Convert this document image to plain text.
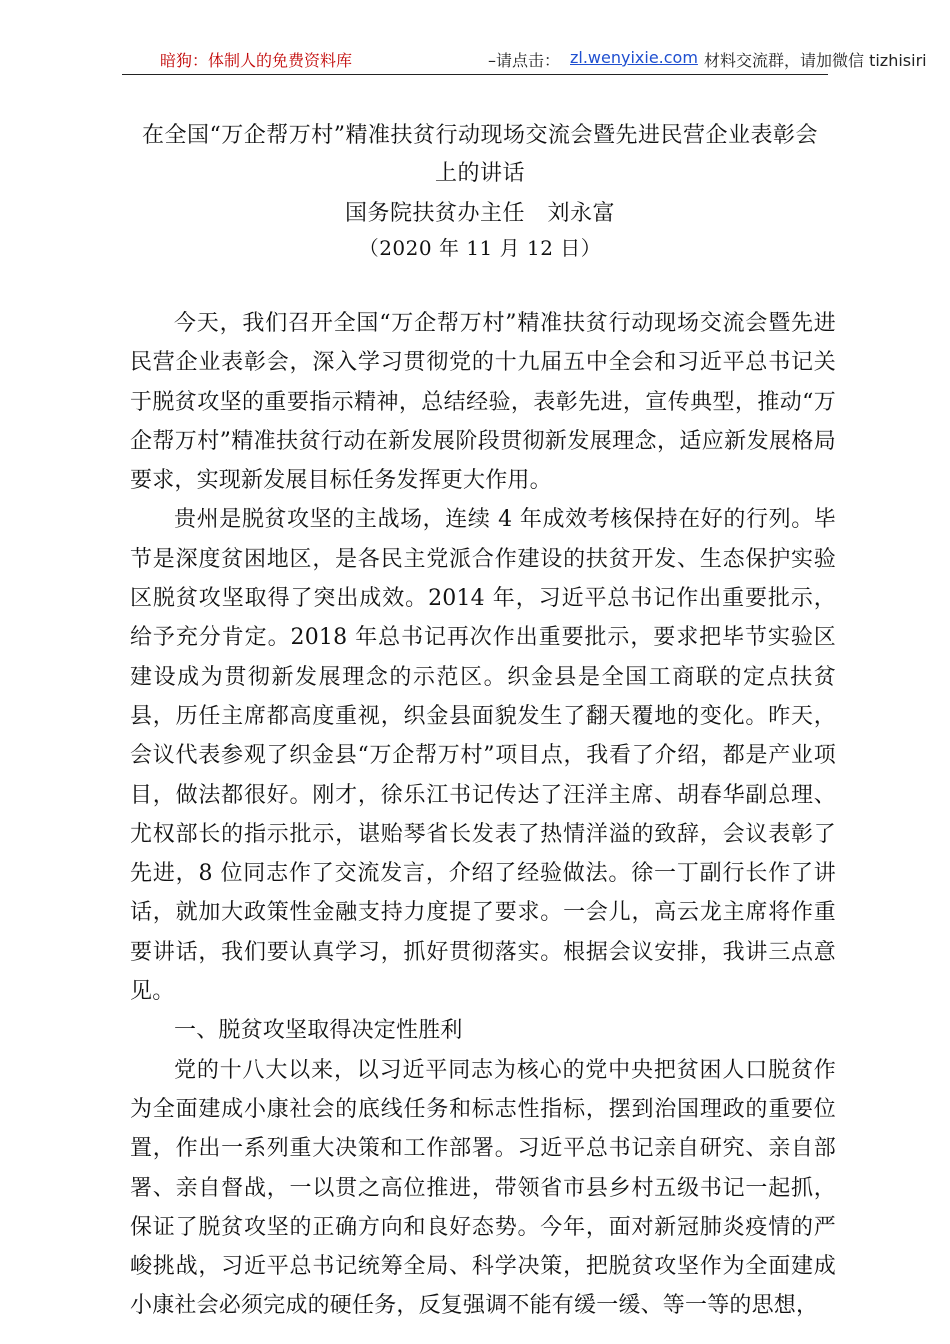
暗狗：体制人的免费资料库	–请点击： zl.wenyixie.com 材料交流群，请加微信 tizhisiri
在全国“万企帮万村”精准扶贫行动现场交流会暨先进民营企业表彰会
上的讲话
国务院扶贫办主任　刘永富
（2020 年 11 月 12 日）

今天，我们召开全国“万企帮万村”精准扶贫行动现场交流会暨先进民营企业表彰会，深入学习贯彻党的十九届五中全会和习近平总书记关于脱贫攻坚的重要指示精神，总结经验，表彰先进，宣传典型，推动“万企帮万村”精准扶贫行动在新发展阶段贯彻新发展理念，适应新发展格局要求，实现新发展目标任务发挥更大作用。

贵州是脱贫攻坚的主战场，连续 4 年成效考核保持在好的行列。毕节是深度贫困地区，是各民主党派合作建设的扶贫开发、生态保护实验区脱贫攻坚取得了突出成效。2014 年，习近平总书记作出重要批示，给予充分肯定。2018 年总书记再次作出重要批示，要求把毕节实验区建设成为贯彻新发展理念的示范区。织金县是全国工商联的定点扶贫县，历任主席都高度重视，织金县面貌发生了翻天覆地的变化。昨天，会议代表参观了织金县“万企帮万村”项目点，我看了介绍，都是产业项目，做法都很好。刚才，徐乐江书记传达了汪洋主席、胡春华副总理、尤权部长的指示批示，谌贻琴省长发表了热情洋溢的致辞，会议表彰了先进，8 位同志作了交流发言，介绍了经验做法。徐一丁副行长作了讲话，就加大政策性金融支持力度提了要求。一会儿，高云龙主席将作重要讲话，我们要认真学习，抓好贯彻落实。根据会议安排，我讲三点意见。

一、脱贫攻坚取得决定性胜利

党的十八大以来，以习近平同志为核心的党中央把贫困人口脱贫作为全面建成小康社会的底线任务和标志性指标，摆到治国理政的重要位置，作出一系列重大决策和工作部署。习近平总书记亲自研究、亲自部署、亲自督战，一以贯之高位推进，带领省市县乡村五级书记一起抓，保证了脱贫攻坚的正确方向和良好态势。今年，面对新冠肺炎疫情的严峻挑战，习近平总书记统筹全局、科学决策，把脱贫攻坚作为全面建成小康社会必须完成的硬任务，反复强调不能有缓一缓、等一等的思想，
